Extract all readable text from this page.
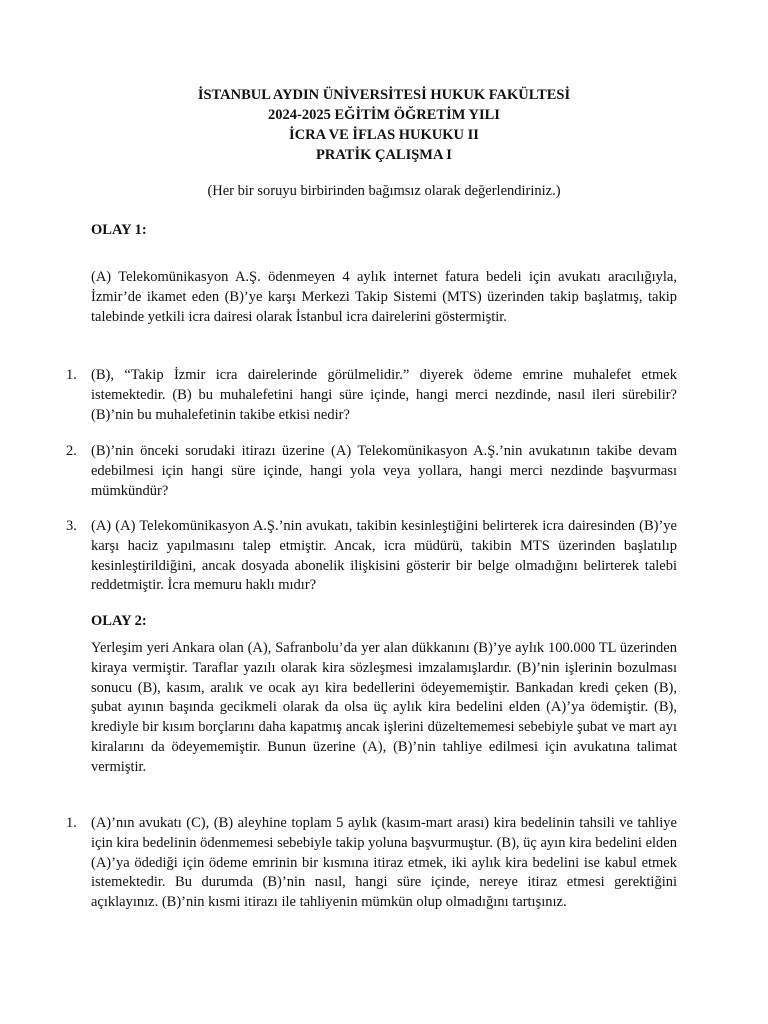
İSTANBUL AYDIN ÜNİVERSİTESİ HUKUK FAKÜLTESİ
2024-2025 EĞİTİM ÖĞRETİM YILI
İCRA VE İFLAS HUKUKU II
PRATİK ÇALIŞMA I
(Her bir soruyu birbirinden bağımsız olarak değerlendiriniz.)
OLAY 1:
(A) Telekomünikasyon A.Ş. ödenmeyen 4 aylık internet fatura bedeli için avukatı aracılığıyla, İzmir’de ikamet eden (B)’ye karşı Merkezi Takip Sistemi (MTS) üzerinden takip başlatmış, takip talebinde yetkili icra dairesi olarak İstanbul icra dairelerini göstermiştir.
1. (B), “Takip İzmir icra dairelerinde görülmelidir.” diyerek ödeme emrine muhalefet etmek istemektedir. (B) bu muhalefetini hangi süre içinde, hangi merci nezdinde, nasıl ileri sürebilir? (B)’nin bu muhalefetinin takibe etkisi nedir?
2. (B)’nin önceki sorudaki itirazı üzerine (A) Telekomünikasyon A.Ş.’nin avukatının takibe devam edebilmesi için hangi süre içinde, hangi yola veya yollara, hangi merci nezdinde başvurması mümkündür?
3. (A) (A) Telekomünikasyon A.Ş.’nin avukatı, takibin kesinleştiğini belirterek icra dairesinden (B)’ye karşı haciz yapılmasını talep etmiştir. Ancak, icra müdürü, takibin MTS üzerinden başlatılıp kesinleştirildiğini, ancak dosyada abonelik ilişkisini gösterir bir belge olmadığını belirterek talebi reddetmiştir. İcra memuru haklı mıdır?
OLAY 2:
Yerleşim yeri Ankara olan (A), Safranbolu’da yer alan dükkanını (B)’ye aylık 100.000 TL üzerinden kiraya vermiştir. Taraflar yazılı olarak kira sözleşmesi imzalamışlardır. (B)’nin işlerinin bozulması sonucu (B), kasım, aralık ve ocak ayı kira bedellerini ödeyememiştir. Bankadan kredi çeken (B), şubat ayının başında gecikmeli olarak da olsa üç aylık kira bedelini elden (A)’ya ödemiştir. (B), krediyle bir kısım borçlarını daha kapatmış ancak işlerini düzeltememesi sebebiyle şubat ve mart ayı kiralarını da ödeyememiştir. Bunun üzerine (A), (B)’nin tahliye edilmesi için avukatına talimat vermiştir.
1. (A)’nın avukatı (C), (B) aleyhine toplam 5 aylık (kasım-mart arası) kira bedelinin tahsili ve tahliye için kira bedelinin ödenmemesi sebebiyle takip yoluna başvurmuştur. (B), üç ayın kira bedelini elden (A)’ya ödediği için ödeme emrinin bir kısmına itiraz etmek, iki aylık kira bedelini ise kabul etmek istemektedir. Bu durumda (B)’nin nasıl, hangi süre içinde, nereye itiraz etmesi gerektiğini açıklayınız. (B)’nin kısmi itirazı ile tahliyenin mümkün olup olmadığını tartışınız.
